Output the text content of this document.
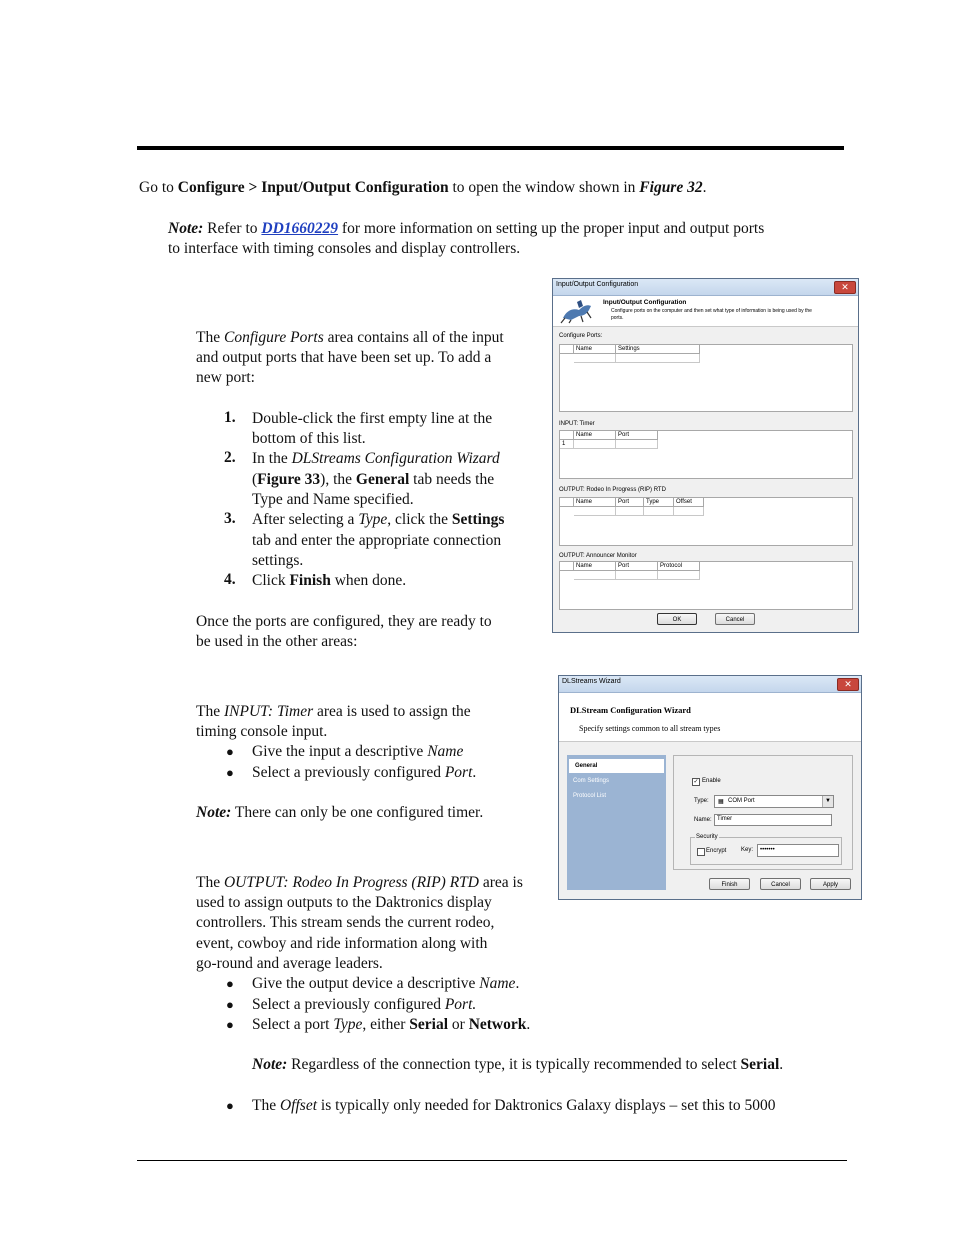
Go to Configure > Input/Output Configuration to open the window shown in Figure 32.
Note: Refer to DD1660229 for more information on setting up the proper input and output ports
to interface with timing consoles and display controllers.
The Configure Ports area contains all of the input
and output ports that have been set up. To add a
new port:
1. Double-click the first empty line at the
bottom of this list.
2. In the DLStreams Configuration Wizard
(Figure 33), the General tab needs the
Type and Name specified.
3. After selecting a Type, click the Settings
tab and enter the appropriate connection
settings.
4. Click Finish when done.
Once the ports are configured, they are ready to
be used in the other areas:
The INPUT: Timer area is used to assign the
timing console input.
● Give the input a descriptive Name
● Select a previously configured Port.
Note: There can only be one configured timer.
The OUTPUT: Rodeo In Progress (RIP) RTD area is
used to assign outputs to the Daktronics display
controllers. This stream sends the current rodeo,
event, cowboy and ride information along with
go-round and average leaders.
● Give the output device a descriptive Name.
● Select a previously configured Port.
● Select a port Type, either Serial or Network.
Note: Regardless of the connection type, it is typically recommended to select Serial.
● The Offset is typically only needed for Daktronics Galaxy displays – set this to 5000
Input/Output Configuration	✕
Input/Output Configuration
Configure ports on the computer and then set what type of information is being used by the
ports.
Configure Ports:
Name	Settings
INPUT: Timer
Name	Port
1
OUTPUT: Rodeo In Progress (RIP) RTD
Name	Port	Type	Offset
OUTPUT: Announcer Monitor
Name	Port	Protocol
OK	Cancel
DLStreams Wizard	✕
DLStream Configuration Wizard
Specify settings common to all stream types
General
Com Settings
Protocol List
✓ Enable
Type: ▦ COM Port	▼
Name: Timer
Security
Encrypt Key: •••••••
Finish	Cancel	Apply
